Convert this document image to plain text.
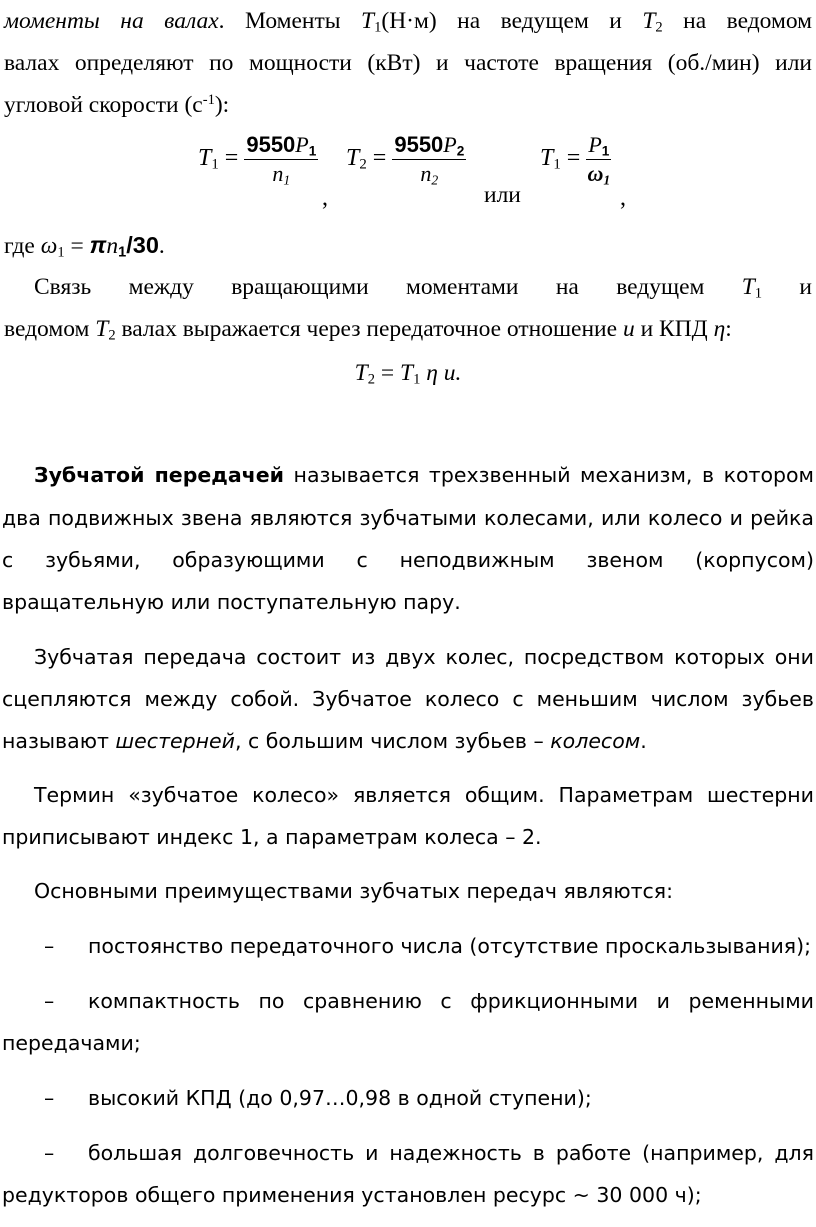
моменты на валах. Моменты $T_1(Н\cdot м)$ на ведущем и $T_2$ на ведомом
валах определяют по мощности (кВт) и частоте вращения (об./мин) или
угловой скорости $(с^{-1})$:
$T_1 = \frac{9550P_1}{n_1}$
,
$T_2 = \frac{9550P_2}{n_2}$
или
$T_1 = \frac{P_1}{\omega_1}$
,
где $\omega_1 = \pi n_1/30$.
Связь между вращающими моментами на ведущем $T_1$ и
ведомом $T_2$ валах выражается через передаточное отношение u и КПД η:
$T_2 = T_1$ η u.
Зубчатой передачей называется трехзвенный механизм, в котором
два подвижных звена являются зубчатыми колесами, или колесо и рейка
с зубьями, образующими с неподвижным звеном (корпусом)
вращательную или поступательную пару.
Зубчатая передача состоит из двух колес, посредством которых они
сцепляются между собой. Зубчатое колесо с меньшим числом зубьев
называют шестерней, с большим числом зубьев – колесом.
Термин «зубчатое колесо» является общим. Параметрам шестерни
приписывают индекс 1, а параметрам колеса – 2.
Основными преимуществами зубчатых передач являются:
– постоянство передаточного числа (отсутствие проскальзывания);
– компактность по сравнению с фрикционными и ременными
передачами;
– высокий КПД (до 0,97…0,98 в одной ступени);
– большая долговечность и надежность в работе (например, для
редукторов общего применения установлен ресурс ~ 30 000 ч);
